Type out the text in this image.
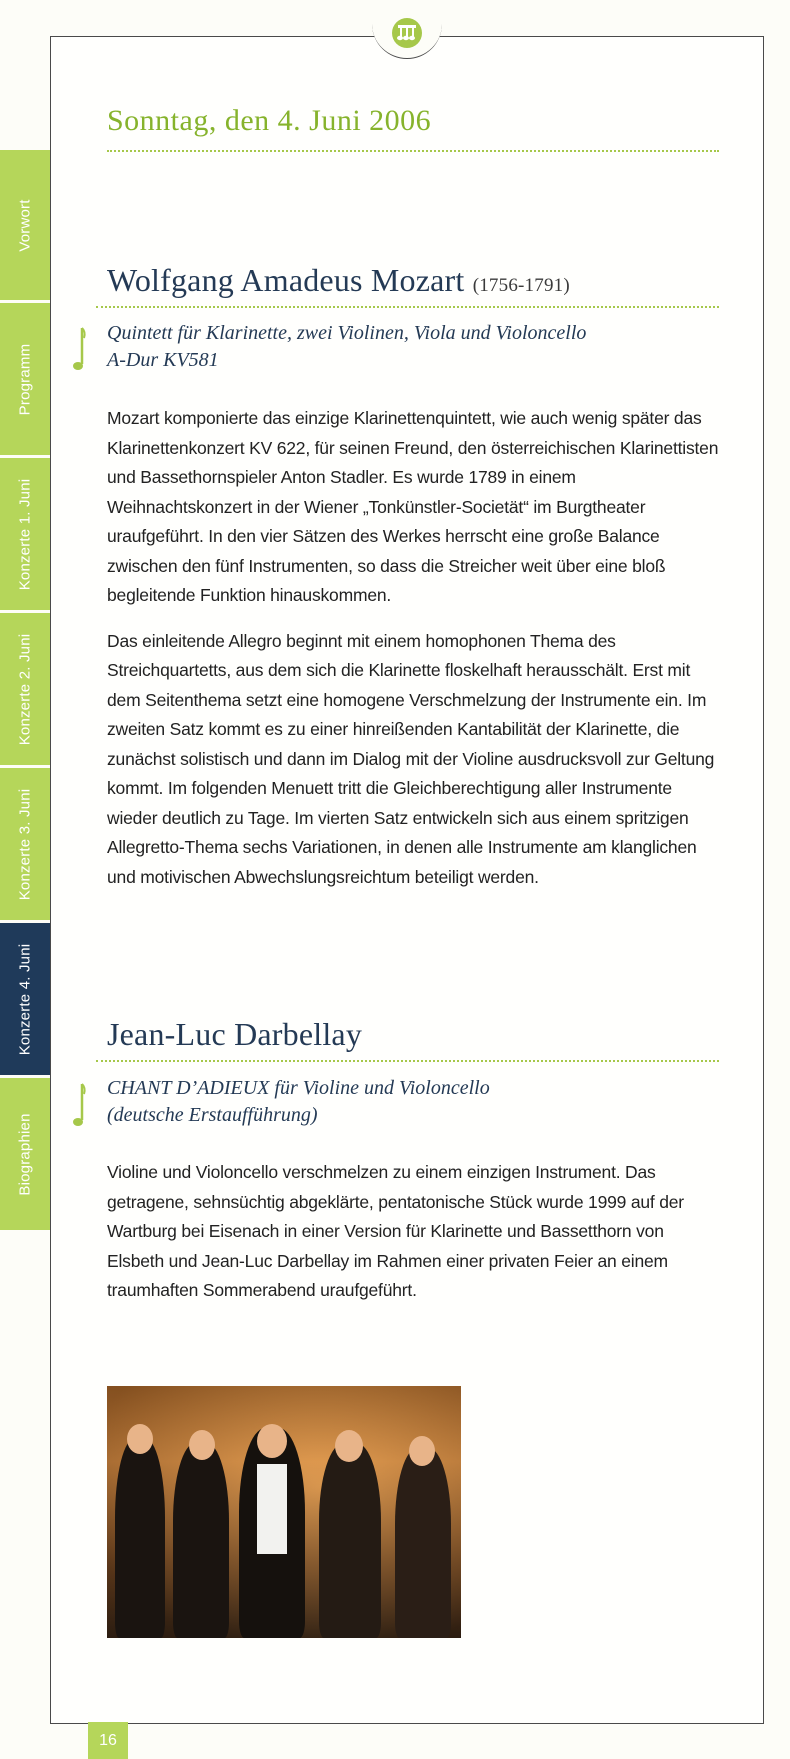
Sonntag, den 4. Juni 2006
Vorwort
Programm
Konzerte 1. Juni
Konzerte 2. Juni
Konzerte 3. Juni
Konzerte 4. Juni
Biographien
Wolfgang Amadeus Mozart (1756-1791)
Quintett für Klarinette, zwei Violinen, Viola und Violoncello
A-Dur KV581

Mozart komponierte das einzige Klarinettenquintett, wie auch wenig später das Klarinettenkonzert KV 622, für seinen Freund, den österreichischen Klarinettisten und Bassethornspieler Anton Stadler. Es wurde 1789 in einem Weihnachtskonzert in der Wiener „Tonkünstler-Societät“ im Burgtheater uraufgeführt. In den vier Sätzen des Werkes herrscht eine große Balance zwischen den fünf Instrumenten, so dass die Streicher weit über eine bloß begleitende Funktion hinauskommen.

Das einleitende Allegro beginnt mit einem homophonen Thema des Streichquartetts, aus dem sich die Klarinette floskelhaft herausschält. Erst mit dem Seitenthema setzt eine homogene Verschmelzung der Instrumente ein. Im zweiten Satz kommt es zu einer hinreißenden Kantabilität der Klarinette, die zunächst solistisch und dann im Dialog mit der Violine ausdrucksvoll zur Geltung kommt. Im folgenden Menuett tritt die Gleichberechtigung aller Instrumente wieder deutlich zu Tage. Im vierten Satz entwickeln sich aus einem spritzigen Allegretto-Thema sechs Variationen, in denen alle Instrumente am klanglichen und motivischen Abwechslungsreichtum beteiligt werden.

Jean-Luc Darbellay
CHANT D’ADIEUX für Violine und Violoncello
(deutsche Erstaufführung)

Violine und Violoncello verschmelzen zu einem einzigen Instrument. Das getragene, sehnsüchtig abgeklärte, pentatonische Stück wurde 1999 auf der Wartburg bei Eisenach in einer Version für Klarinette und Bassetthorn von Elsbeth und Jean-Luc Darbellay im Rahmen einer privaten Feier an einem traumhaften Sommerabend uraufgeführt.

16
